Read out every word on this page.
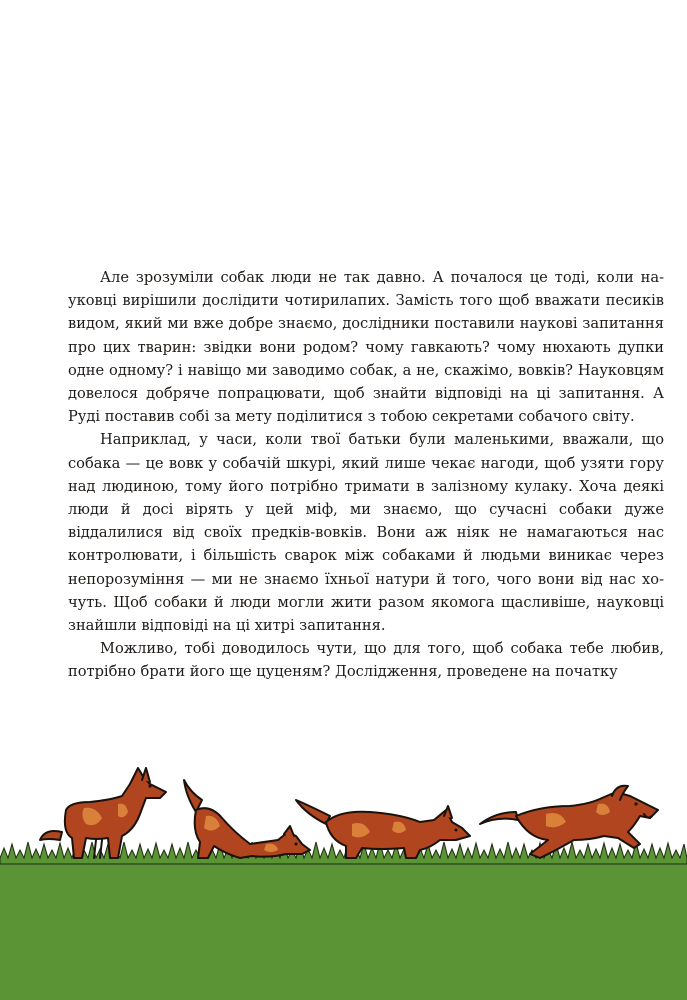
Але зрозуміли собак люди не так давно. А почалося це тоді, коли науковці вирішили дослідити чотирилапих. Замість того щоб вважати песиків видом, який ми вже добре знаємо, дослідники поставили наукові запитання про цих тварин: звідки вони родом? чому гавкають? чому нюхають дупки одне одному? і навіщо ми заводимо собак, а не, скажімо, вовків? Науковцям довелося добряче попрацювати, щоб знайти відповіді на ці запитання. А Руді поставив собі за мету поділитися з тобою секретами собачого світу.

Наприклад, у часи, коли твої батьки були маленькими, вважали, що собака — це вовк у собачій шкурі, який лише чекає нагоди, щоб узяти гору над людиною, тому його потрібно тримати в залізному кулаку. Хоча деякі люди й досі вірять у цей міф, ми знаємо, що сучасні собаки дуже віддалилися від своїх предків-вовків. Вони аж ніяк не намагаються нас контролювати, і більшість сварок між собаками й людьми виникає через непорозуміння — ми не знаємо їхньої натури й того, чого вони від нас хочуть. Щоб собаки й люди могли жити разом якомога щасливіше, науковці знайшли відповіді на ці хитрі запитання.

Можливо, тобі доводилось чути, що для того, щоб собака тебе любив, потрібно брати його ще цуценям? Дослідження, проведене на початку
